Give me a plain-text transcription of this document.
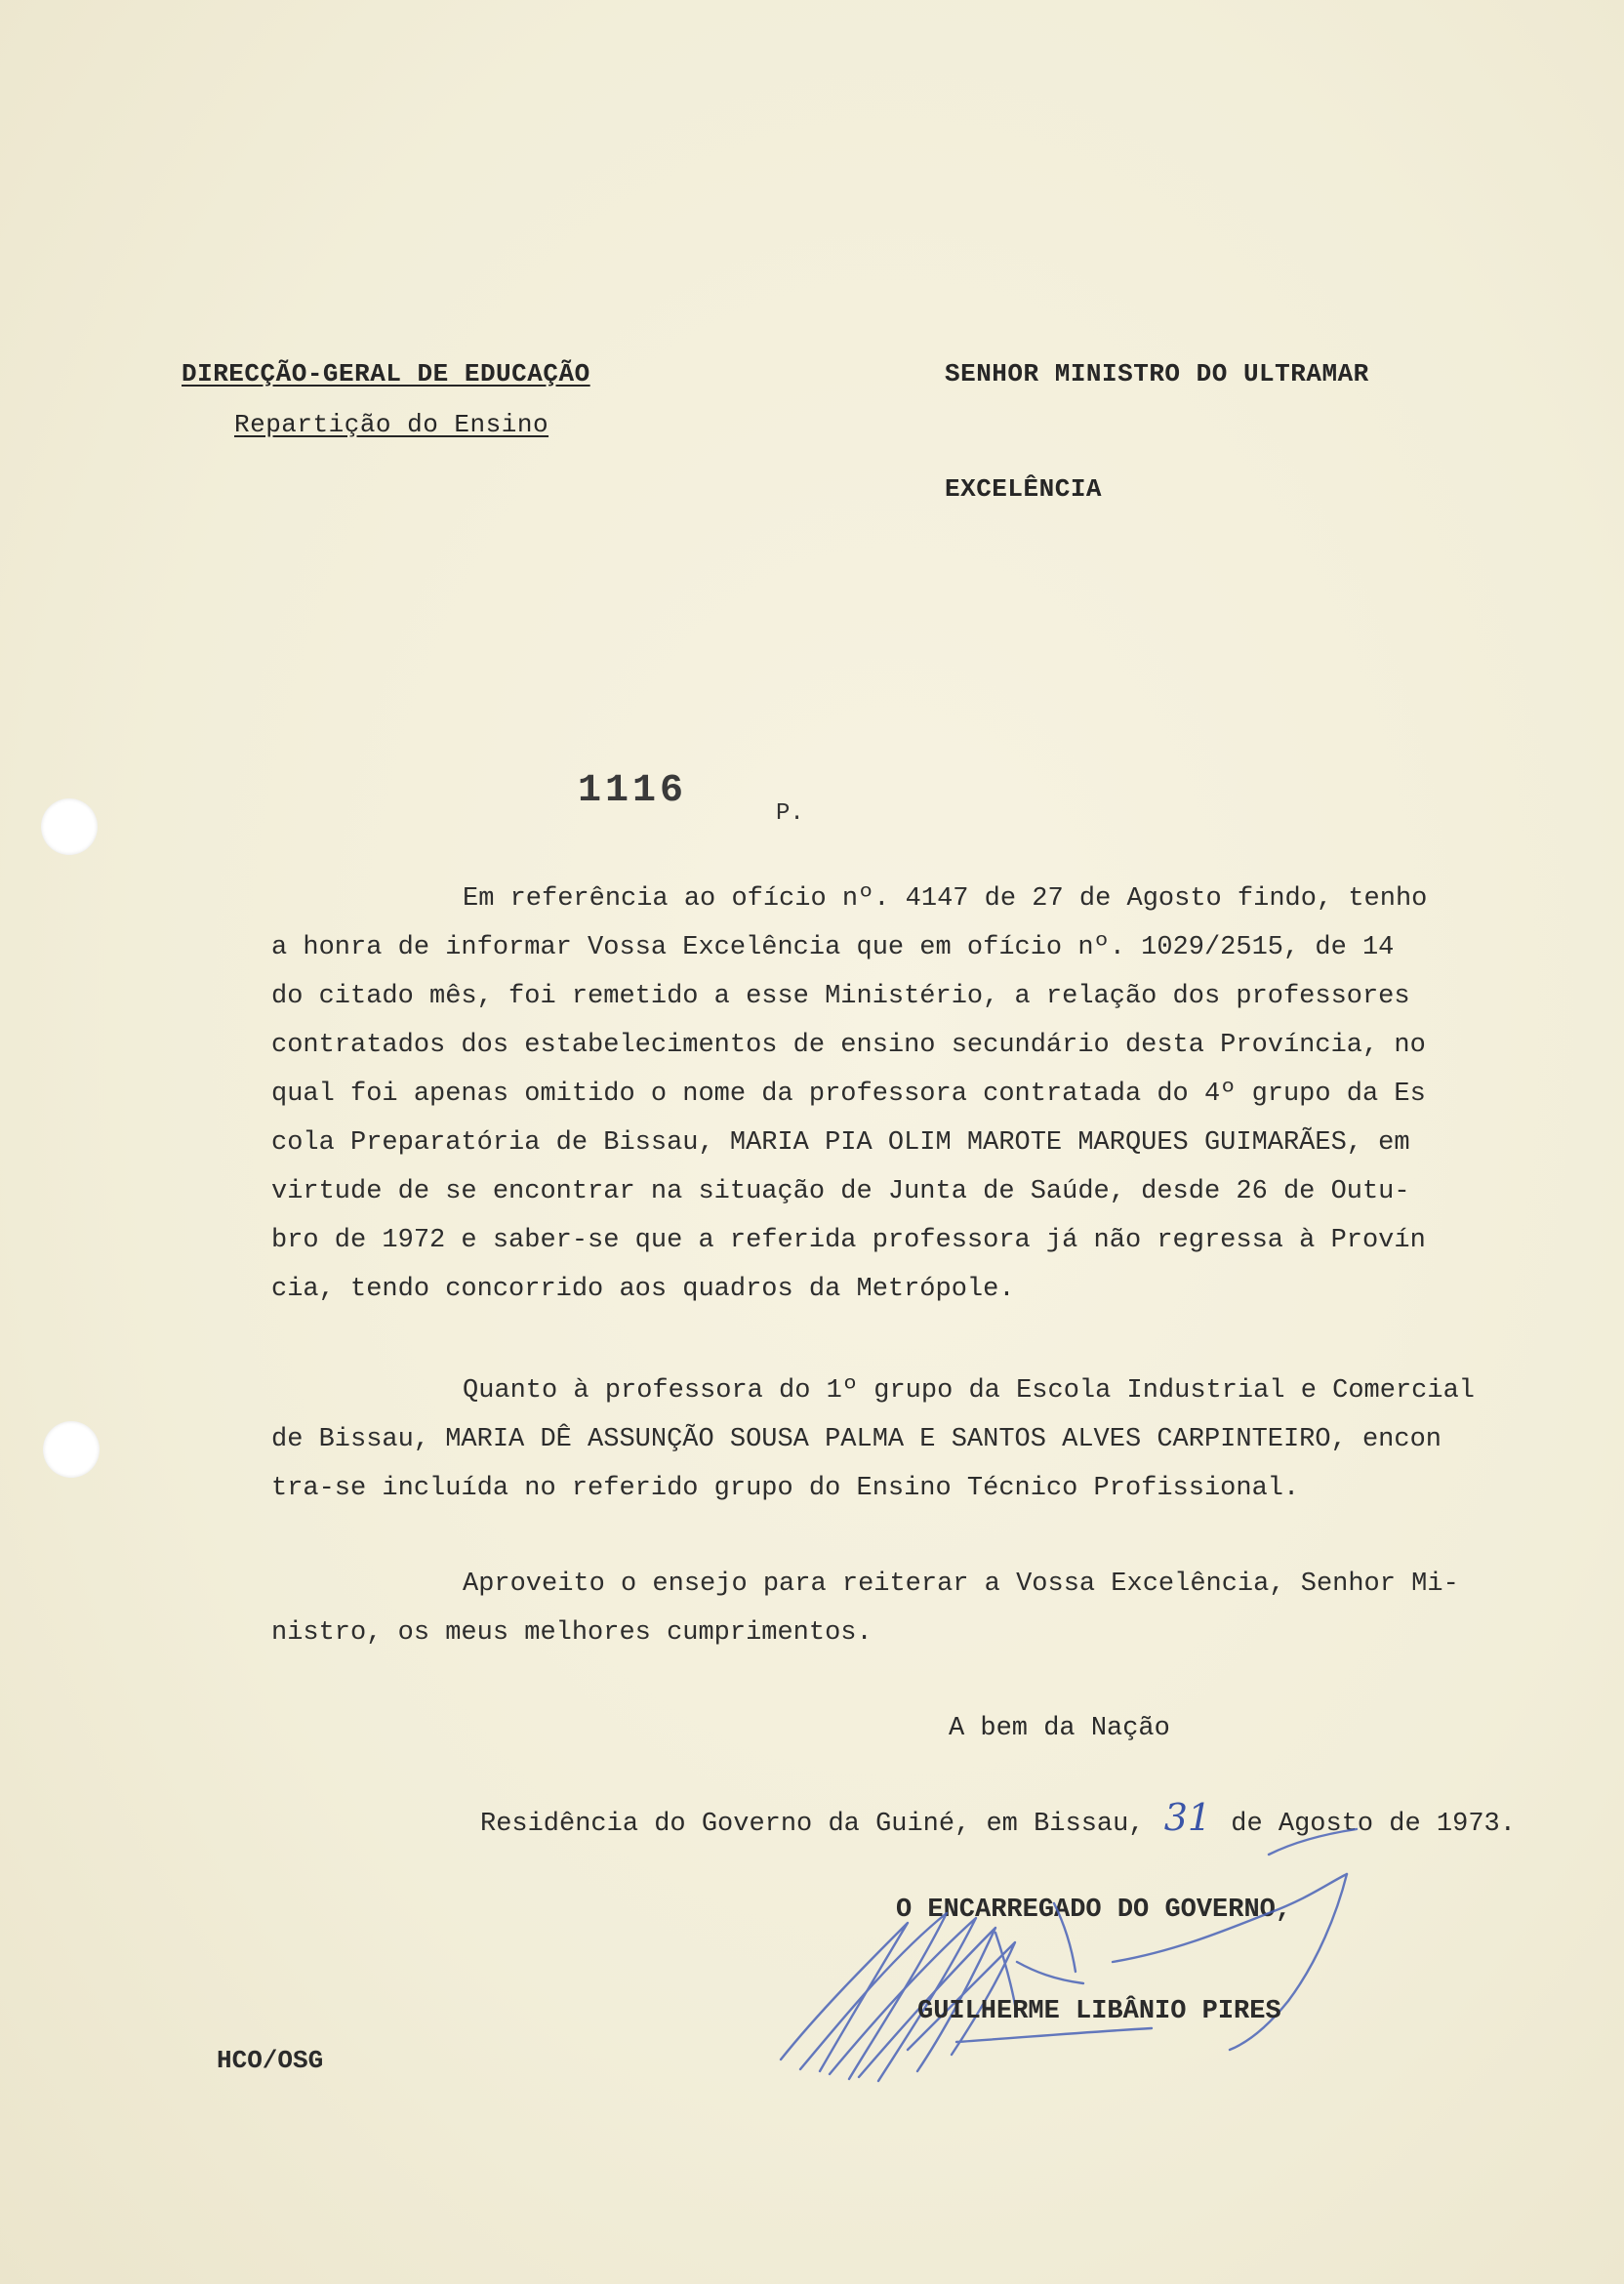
DIRECÇÃO-GERAL DE EDUCAÇÃO
Repartição do Ensino
SENHOR MINISTRO DO ULTRAMAR
EXCELÊNCIA
1116
P.
Em referência ao ofício nº. 4147 de 27 de Agosto findo, tenho
a honra de informar Vossa Excelência que em ofício nº. 1029/2515, de 14
do citado mês, foi remetido a esse Ministério, a relação dos professores
contratados dos estabelecimentos de ensino secundário desta Província, no
qual foi apenas omitido o nome da professora contratada do 4º grupo da Es
cola Preparatória de Bissau, MARIA PIA OLIM MAROTE MARQUES GUIMARÃES, em
virtude de se encontrar na situação de Junta de Saúde, desde 26 de Outu-
bro de 1972 e saber-se que a referida professora já não regressa à Provín
cia, tendo concorrido aos quadros da Metrópole.
Quanto à professora do 1º grupo da Escola Industrial e Comercial
de Bissau, MARIA DÊ ASSUNÇÃO SOUSA PALMA E SANTOS ALVES CARPINTEIRO, encon
tra-se incluída no referido grupo do Ensino Técnico Profissional.
Aproveito o ensejo para reiterar a Vossa Excelência, Senhor Mi-
nistro, os meus melhores cumprimentos.
A bem da Nação
Residência do Governo da Guiné, em Bissau, 31 de Agosto de 1973.
O ENCARREGADO DO GOVERNO,
GUILHERME LIBÂNIO PIRES
HCO/OSG
